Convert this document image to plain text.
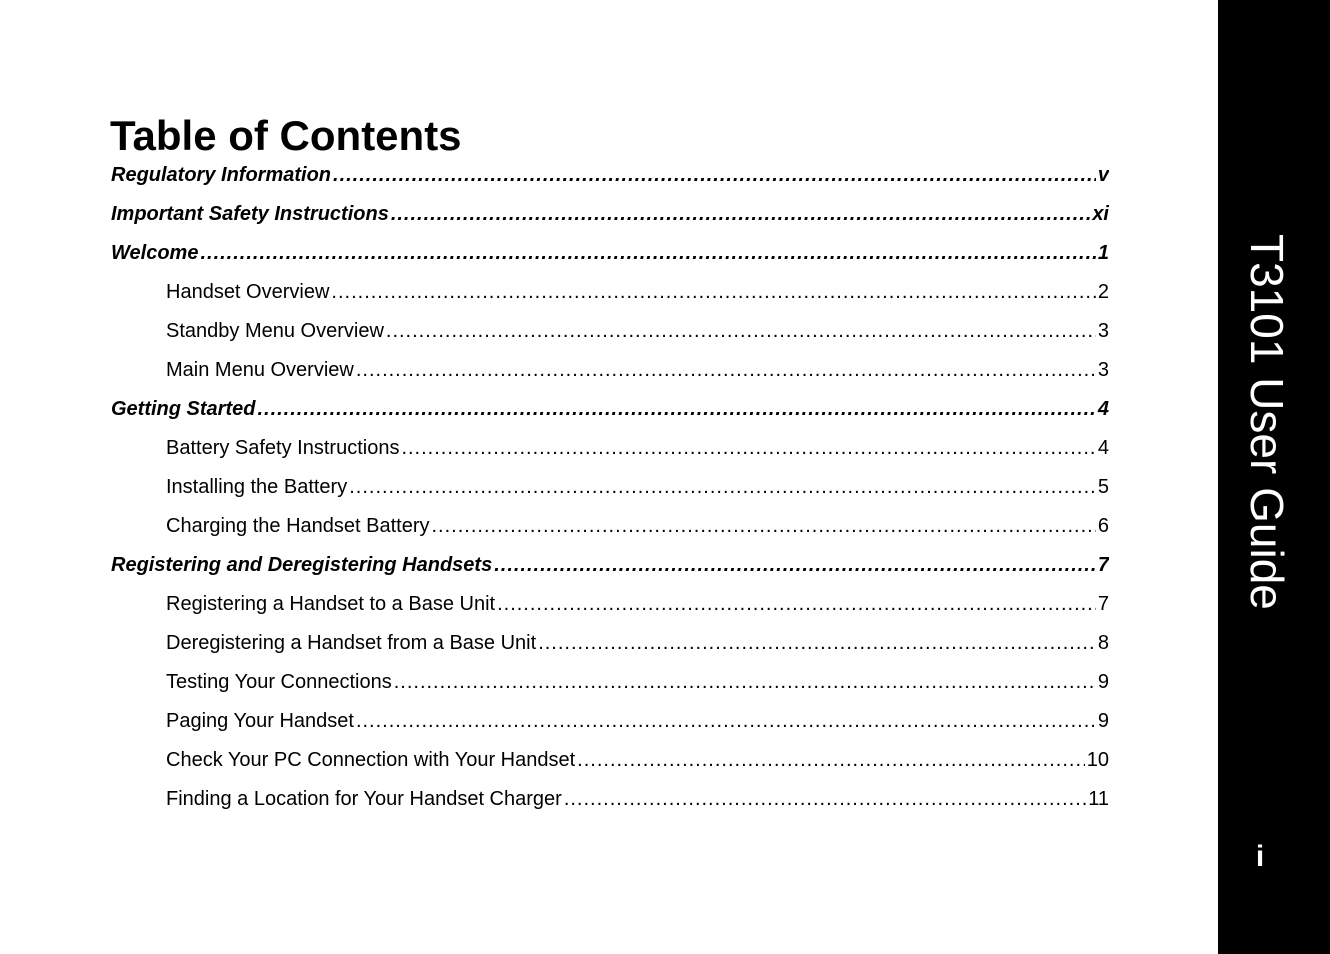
Table of Contents
Regulatory Information .....	v
Important Safety Instructions .....	xi
Welcome .....	1
Handset Overview .....	2
Standby Menu Overview .....	3
Main Menu Overview .....	3
Getting Started .....	4
Battery Safety Instructions .....	4
Installing the Battery .....	5
Charging the Handset Battery .....	6
Registering and Deregistering Handsets .....	7
Registering a Handset to a Base Unit .....	7
Deregistering a Handset from a Base Unit .....	8
Testing Your Connections .....	9
Paging Your Handset .....	9
Check Your PC Connection with Your Handset .....	10
Finding a Location for Your Handset Charger .....	11
T3101 User Guide
i
